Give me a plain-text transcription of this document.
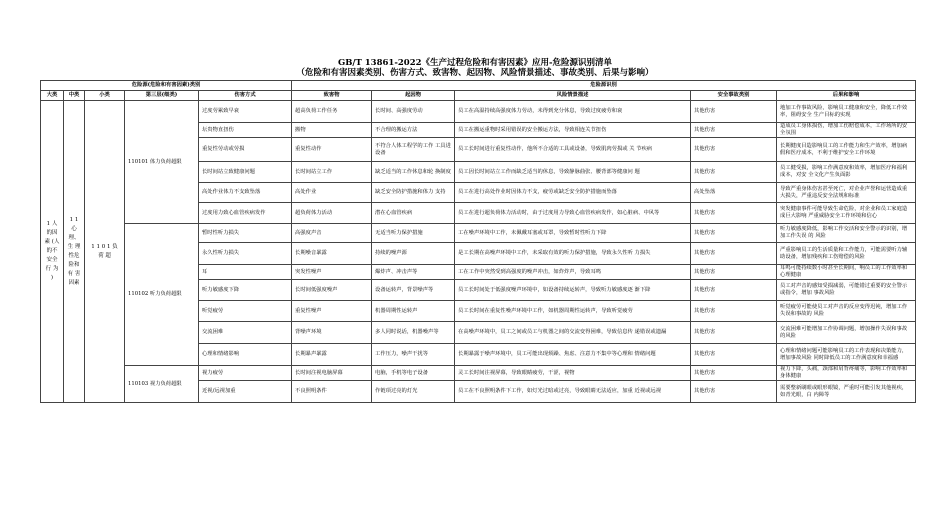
GB/T 13861-2022《生产过程危险和有害因素》应用-危险源识别清单
（危险和有害因素类别、伤害方式、致害物、起因物、风险情景描述、事故类别、后果与影响）
危险源(危险和有害因素)类别					危险源识别				
大类	中类	小类	第三层(细类)	伤害方式	致害物	起因物	风险情景描述	安全事故类别	后果和影响
1 人 的因 素 (人 的不 安全 行 为 )	1 1 心 理、生 理性危 险和有 害因素	1 1 0 1 负 荷 超	110101 体力负荷超限	过度劳累致早衰	超高负荷工作任务	长时间、高强度劳动	员工在高温持续高强度体力劳动，未得到充分休息，导致过度疲劳和衰	其他伤害	地加工作事故风险，影响员工健康和安全，降低工作效率，阻碍安全 生产目标的实现
				坛贵物直扭伤	搬物	不合理的搬运方法	员工在搬运重物时采用错误的安全搬运方法，导致相连关节扭伤	其他伤害	造成员工身体损伤，增加工伤赔偿成本，工作场所的安全氛围
				重复性劳动或劳损	重复性动作	不符合人体工程学的工作 工具进设备	员工长时间进行重复性动作，他所不合适的工具或设备，导致肌肉劳损或 关 节疾病	其他伤害	长期健度目造影响员工的工作能力和生产效率，增加病假和医疗成本，不利于维护安全工作环境
				长时间站立致健康问题	长时间站立工作	缺乏适当的工作休息和轮 换制度	员工因长时间站立工作而缺乏适当的休息，导致静脉曲张、腰背部等健康问 题	其他伤害	员工健受损，影响工作满意度和效率，增加医疗和福利成本，对安 全文化产生负面影
				高处作业体力不支致坠落	高处作业	缺乏安全防护措施和体力 支持	员工在进行高处作业时因体力不支，疲劳或缺乏安全防护措施而坠落	高处坠落	导致严重身体伤害甚至死亡，对企业声誉和运营造成重大损失，严重违反安全法规和标准
				过度用力致心血管疾病发作	超负荷体力活动	潜在心血管疾病	员工在进行超负荷体力活动时，由于过度用力导致心血管疾病发作，如心脏病、中风等	其他伤害	突发健康事件可能导致生命危险，对企业和员工家庭造成巨大影响 严重威胁安全工作环境和信心
			110102 听力负荷超限	暂时性听力损失	高强度声音	无适当听力保护措施	工在噪声环境中工作，未佩戴耳塞或耳罩，导致暂时性听力下降	其他伤害	听力敏感度降低，影响工作交活和安全警示的识别，增加工作失误 的 风险
				永久性听力损失	长期噪音暴露	持续的噪声源	是工长期在高噪声环境中工作，未采取有效的听力保护措施，导致永久性听 力损失	其他伤害	严重影响员工的生活质量和工作能力，可能需要听力辅助设备，增加残疾和工伤赔偿的风险
				耳	突发性噪声	爆炸声、冲击声等	工在工作中突然受到高强度的噪声冲击，如炸炸声，导致耳鸣	其他伤害	耳鸣可能持续数小时甚至长期间，响员工的工作效率和心理健康
				听力敏感度下降	长时间低强度噪声	设备运转声，背景噪声等	员工长时间处于低强度噪声环境中，如设备持续运转声，导致听力敏感度逐 渐下降	其他伤害	员工对声音的感知受损减弱，可能错过重要的安全警示或指令，增加 事故风险
				听觉疲劳	重复性噪声	机器周期性运转声	员工长时间在重复性噪声环境中工作，如机器周期性运转声，导致听觉疲劳	其他伤害	听觉疲劳可能使员工对声音的反应变得迟钝，增加工作失误和事故的 风险
				交流困难	背噪声环境	多人同时说话，机器噪声等	在高噪声环境中，员工之间或员工与机器之间的交流变得困难，导致信息传 递错误或遗漏	其他伤害	交流困难可能增加工作协调问题，增加操作失误和事故的风险
				心理和情绪影响	长期暴声暴露	工作压力，噪声干扰等	长期暴露于噪声环境中，员工可能出现烦躁、焦虑、注意力不集中等心理和 情绪问题	其他伤害	心理和情绪问题可能影响员工的工作表现和决策能力，增加事故风险 同时降低员工的工作满意度和幸福感
			110103 视力负荷超限	视力疲劳	长时间注视电脑屏幕	电脑，手机等电子设备	灵工长时间注视屏幕，导致眼睛疲劳，干涩，视物	其他伤害	视力下降，头痛，颈部和肩背疼痛等，影响工作效率和身体健康
				近视/远视加重	不良照明条件	作链项过亮的灯光	员工在不良照明条件下工作，如灯光过暗或过亮，导致眼睛无法适应，加重 近视或远视	其他伤害	需要整新刷眼或眼形眼镜，严重时可能引发其他视疾，如青光眼，白 内障等
